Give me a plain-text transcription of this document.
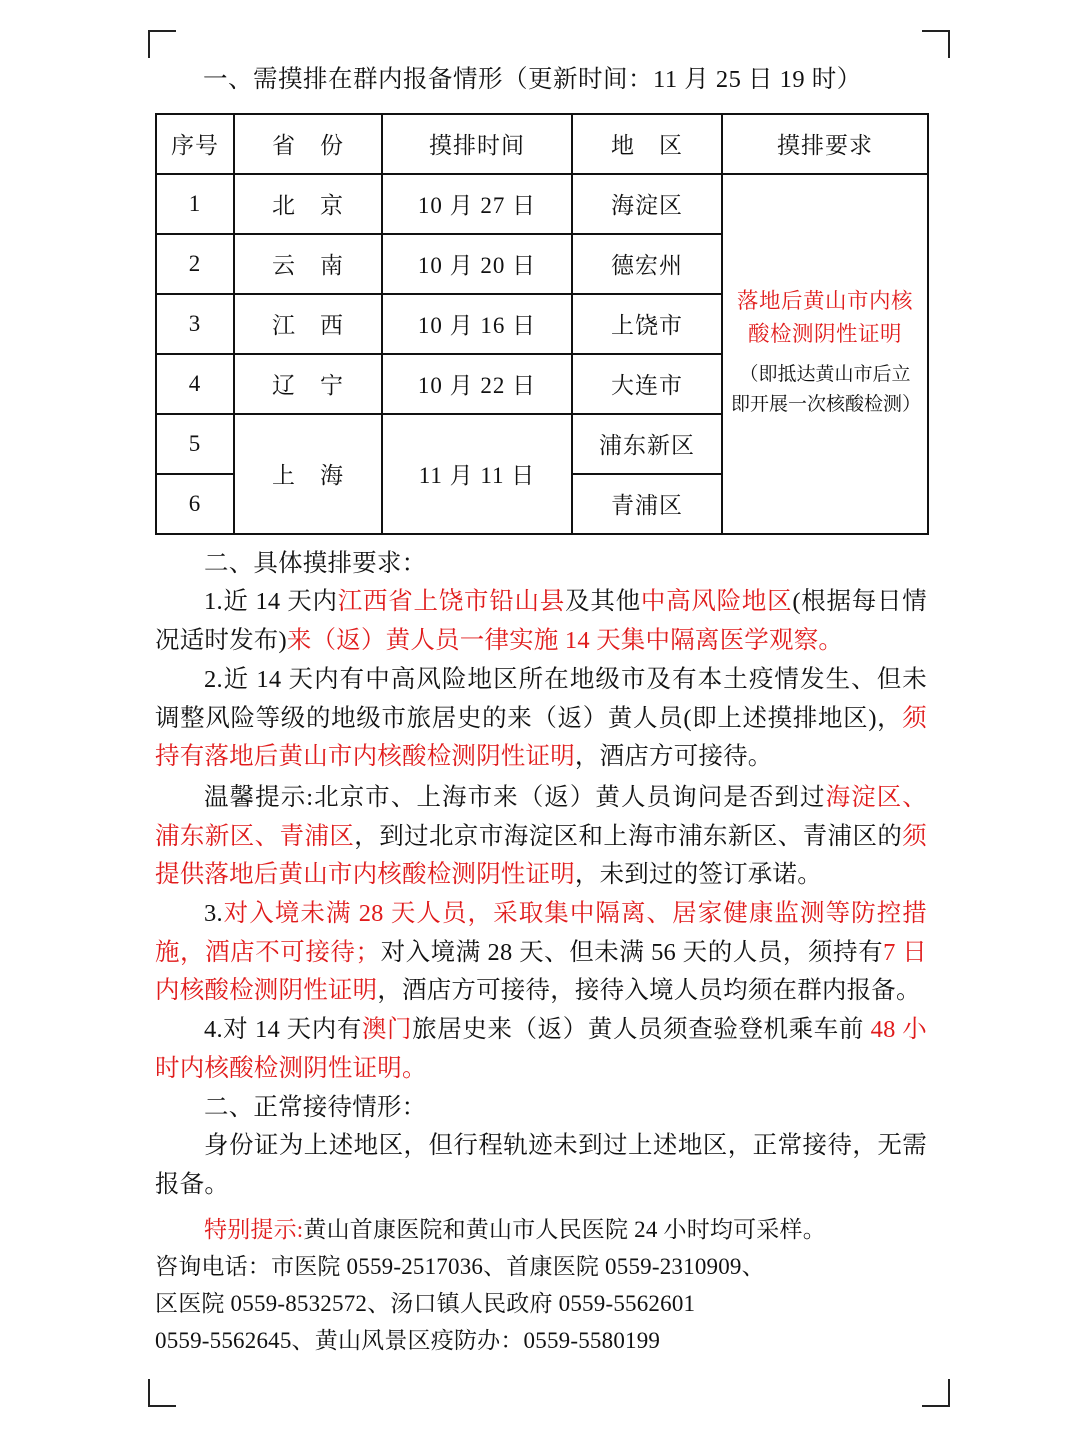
一、需摸排在群内报备情形（更新时间：11 月 25 日 19 时）

序号	省　份	摸排时间	地　区	摸排要求
1	北　京	10 月 27 日	海淀区	落地后黄山市内核酸检测阴性证明
（即抵达黄山市后立即开展一次核酸检测）

2	云　南	10 月 20 日	德宏州	
3	江　西	10 月 16 日	上饶市	
4	辽　宁	10 月 22 日	大连市	
5	上　海	11 月 11 日	浦东新区	
6			青浦区	

二、具体摸排要求：

1.近 14 天内江西省上饶市铅山县及其他中高风险地区(根据每日情况适时发布)来（返）黄人员一律实施 14 天集中隔离医学观察。

2.近 14 天内有中高风险地区所在地级市及有本土疫情发生、但未调整风险等级的地级市旅居史的来（返）黄人员(即上述摸排地区)，须持有落地后黄山市内核酸检测阴性证明，酒店方可接待。

温馨提示:北京市、上海市来（返）黄人员询问是否到过海淀区、浦东新区、青浦区，到过北京市海淀区和上海市浦东新区、青浦区的须提供落地后黄山市内核酸检测阴性证明，未到过的签订承诺。

3.对入境未满 28 天人员，采取集中隔离、居家健康监测等防控措施，酒店不可接待；对入境满 28 天、但未满 56 天的人员，须持有7 日内核酸检测阴性证明，酒店方可接待，接待入境人员均须在群内报备。

4.对 14 天内有澳门旅居史来（返）黄人员须查验登机乘车前 48 小时内核酸检测阴性证明。

二、正常接待情形：

身份证为上述地区，但行程轨迹未到过上述地区，正常接待，无需报备。

特别提示:黄山首康医院和黄山市人民医院 24 小时均可采样。

咨询电话：市医院 0559-2517036、首康医院 0559-2310909、

区医院 0559-8532572、汤口镇人民政府 0559-5562601

0559-5562645、黄山风景区疫防办：0559-5580199
